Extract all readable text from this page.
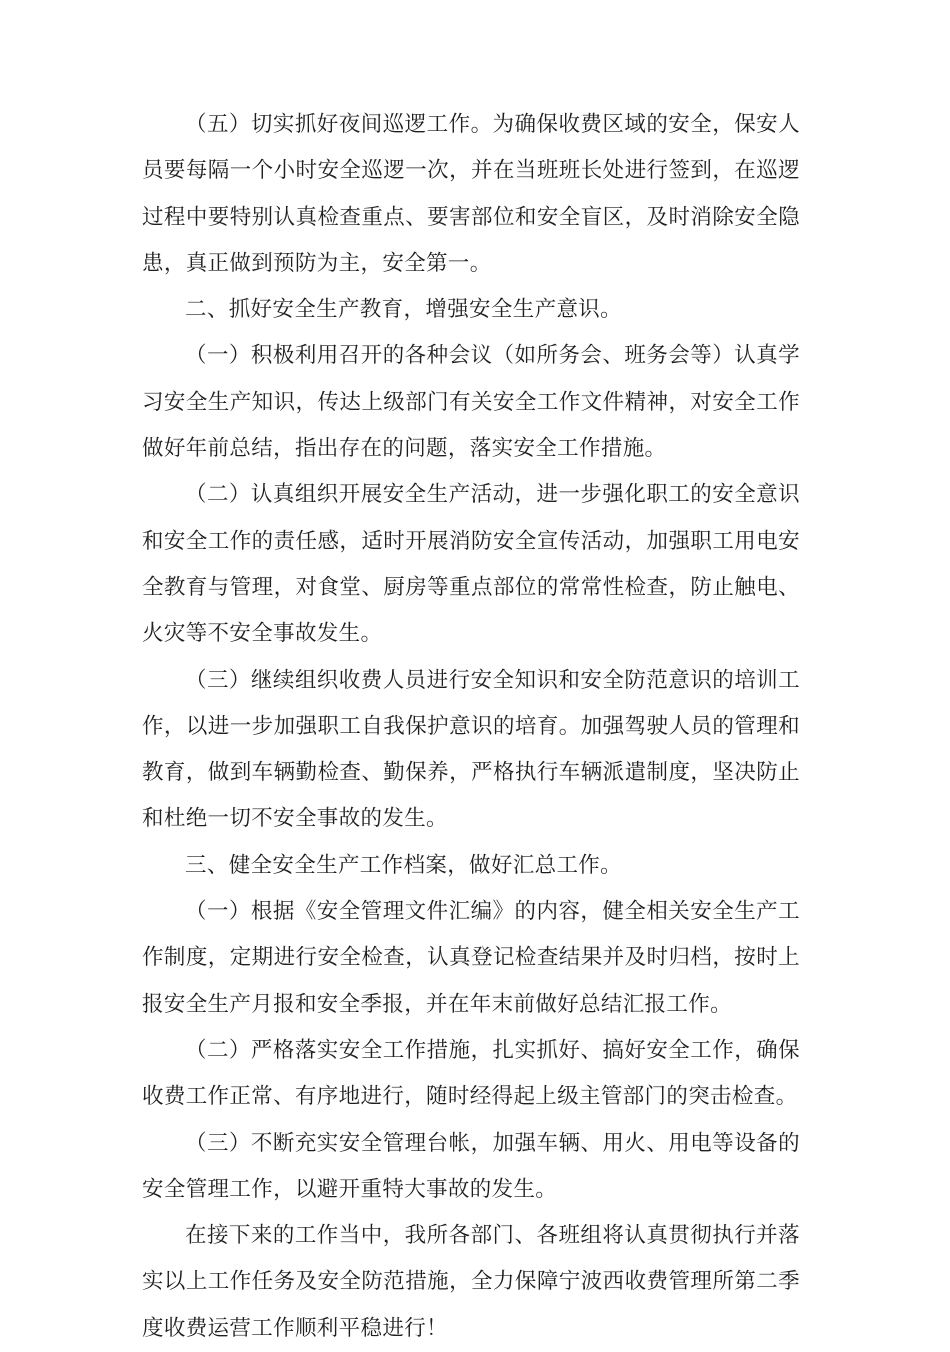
（五）切实抓好夜间巡逻工作。为确保收费区域的安全，保安人员要每隔一个小时安全巡逻一次，并在当班班长处进行签到，在巡逻过程中要特别认真检查重点、要害部位和安全盲区，及时消除安全隐患，真正做到预防为主，安全第一。

二、抓好安全生产教育，增强安全生产意识。

（一）积极利用召开的各种会议（如所务会、班务会等）认真学习安全生产知识，传达上级部门有关安全工作文件精神，对安全工作做好年前总结，指出存在的问题，落实安全工作措施。

（二）认真组织开展安全生产活动，进一步强化职工的安全意识和安全工作的责任感，适时开展消防安全宣传活动，加强职工用电安全教育与管理，对食堂、厨房等重点部位的常常性检查，防止触电、火灾等不安全事故发生。

（三）继续组织收费人员进行安全知识和安全防范意识的培训工作，以进一步加强职工自我保护意识的培育。加强驾驶人员的管理和教育，做到车辆勤检查、勤保养，严格执行车辆派遣制度，坚决防止和杜绝一切不安全事故的发生。

三、健全安全生产工作档案，做好汇总工作。

（一）根据《安全管理文件汇编》的内容，健全相关安全生产工作制度，定期进行安全检查，认真登记检查结果并及时归档，按时上报安全生产月报和安全季报，并在年末前做好总结汇报工作。

（二）严格落实安全工作措施，扎实抓好、搞好安全工作，确保收费工作正常、有序地进行，随时经得起上级主管部门的突击检查。

（三）不断充实安全管理台帐，加强车辆、用火、用电等设备的安全管理工作，以避开重特大事故的发生。

在接下来的工作当中，我所各部门、各班组将认真贯彻执行并落实以上工作任务及安全防范措施，全力保障宁波西收费管理所第二季度收费运营工作顺利平稳进行！
